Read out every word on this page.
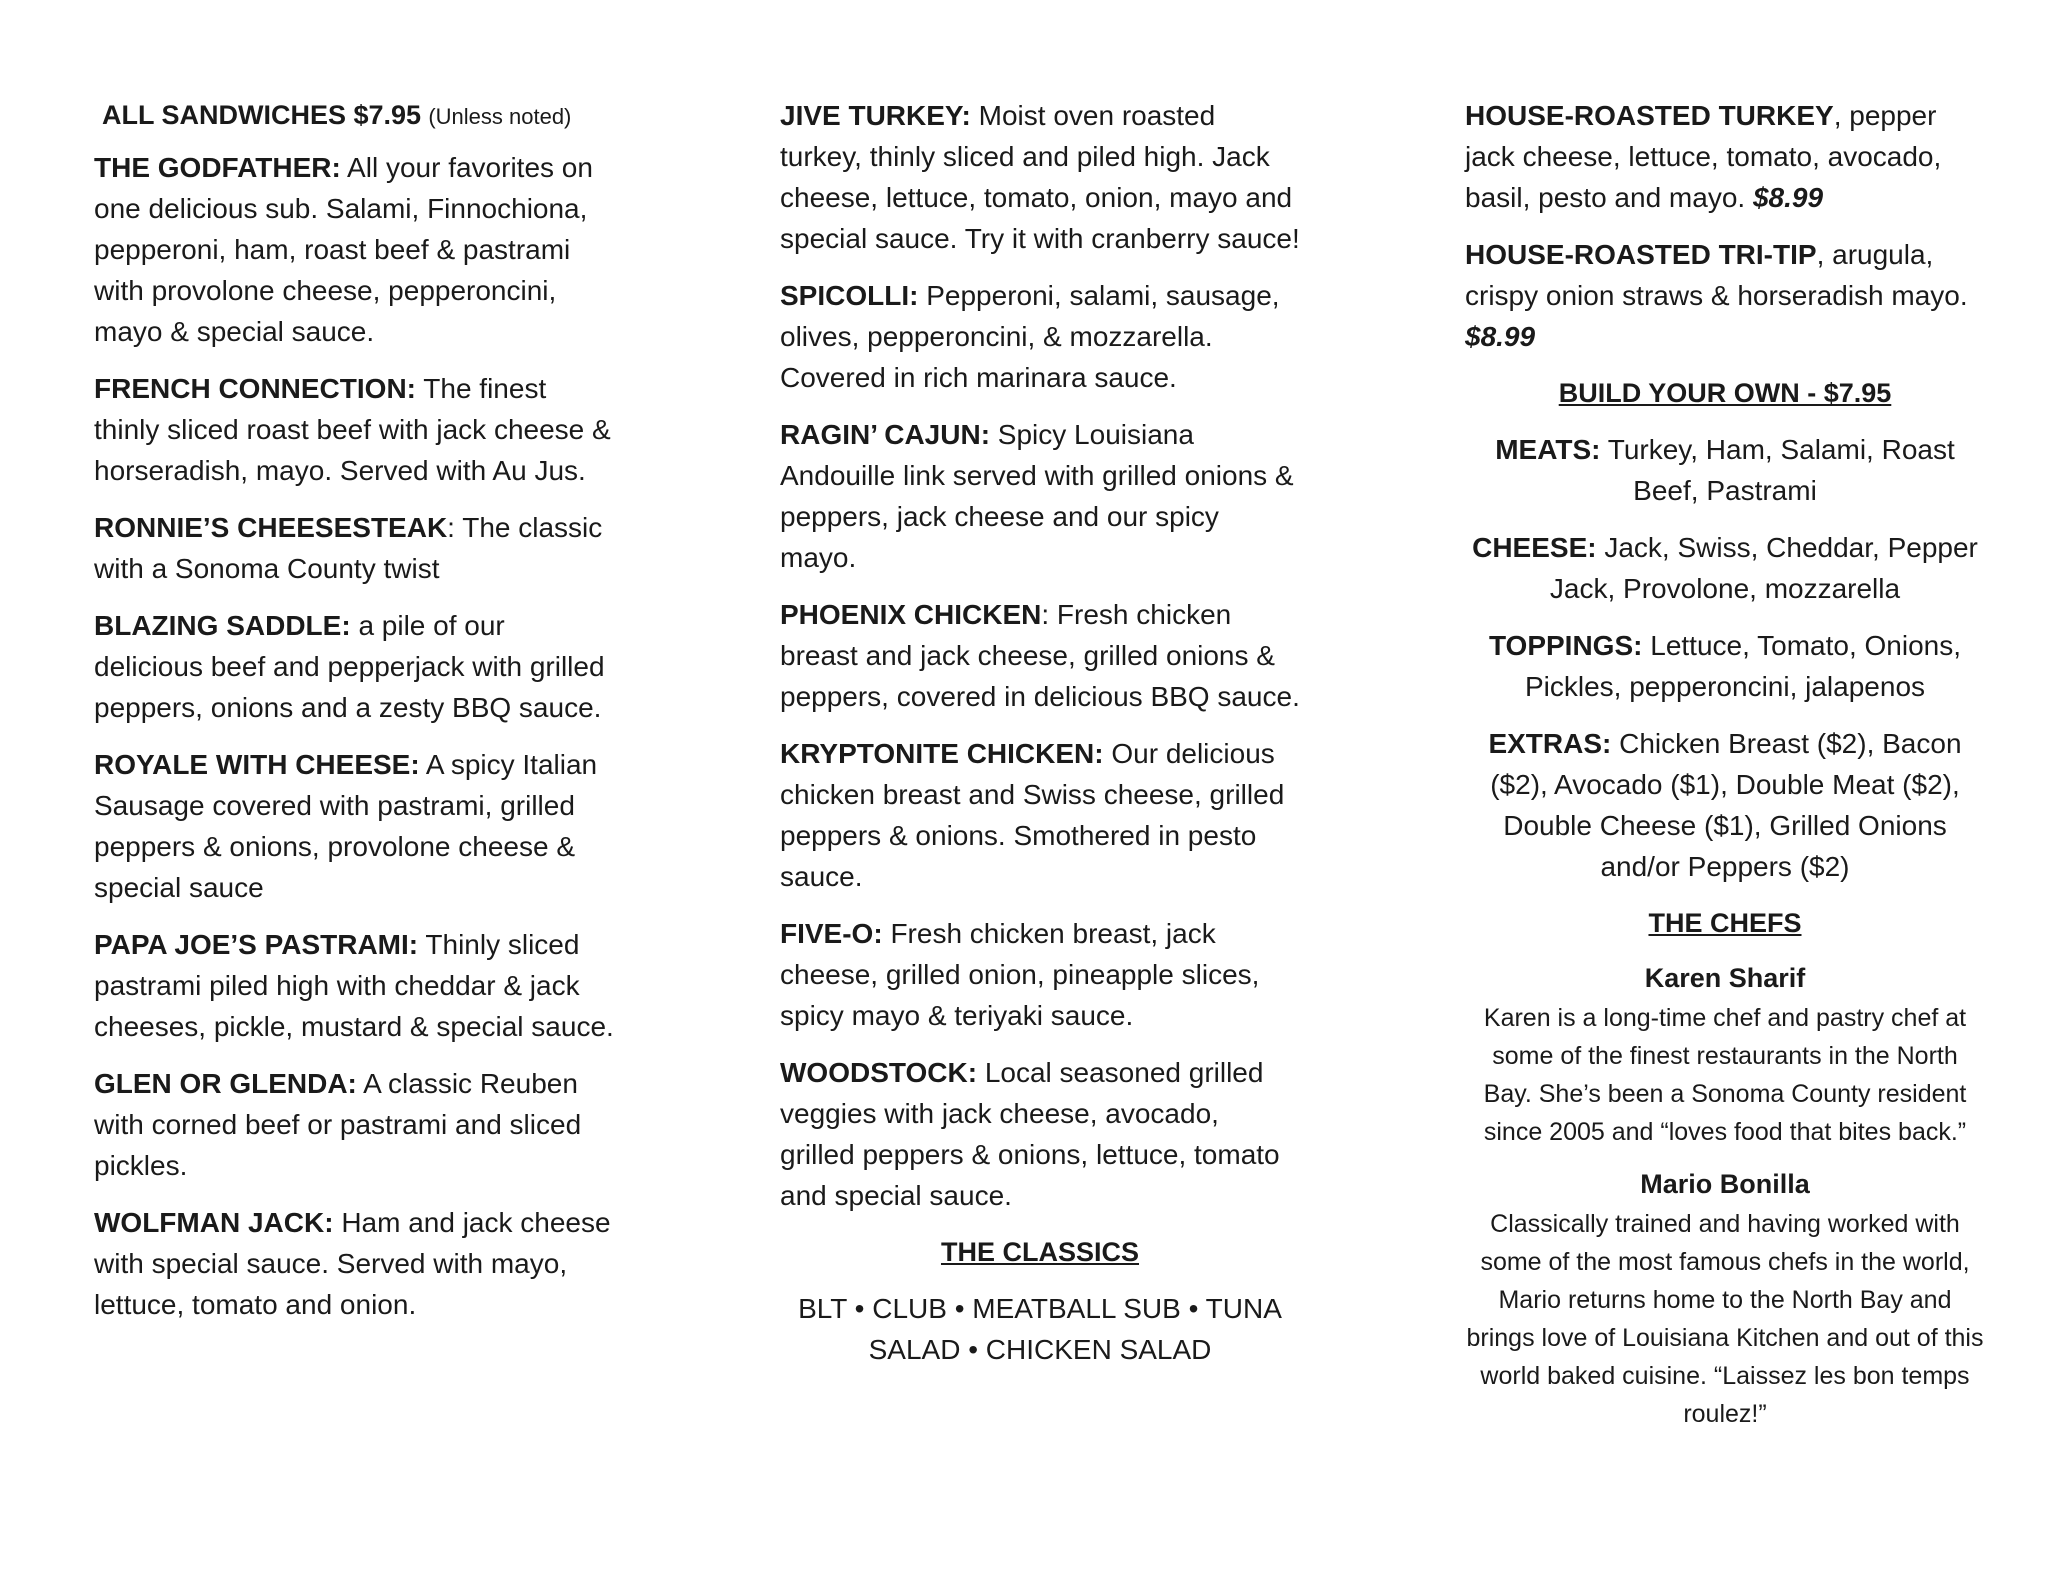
ALL SANDWICHES $7.95 (Unless noted)
THE GODFATHER: All your favorites on one delicious sub. Salami, Finnochiona, pepperoni, ham, roast beef & pastrami with provolone cheese, pepperoncini, mayo & special sauce.
FRENCH CONNECTION: The finest thinly sliced roast beef with jack cheese & horseradish, mayo. Served with Au Jus.
RONNIE’S CHEESESTEAK: The classic with a Sonoma County twist
BLAZING SADDLE: a pile of our delicious beef and pepperjack with grilled peppers, onions and a zesty BBQ sauce.
ROYALE WITH CHEESE: A spicy Italian Sausage covered with pastrami, grilled peppers & onions, provolone cheese & special sauce
PAPA JOE’S PASTRAMI: Thinly sliced pastrami piled high with cheddar & jack cheeses, pickle, mustard & special sauce.
GLEN OR GLENDA: A classic Reuben with corned beef or pastrami and sliced pickles.
WOLFMAN JACK: Ham and jack cheese with special sauce. Served with mayo, lettuce, tomato and onion.
JIVE TURKEY: Moist oven roasted turkey, thinly sliced and piled high. Jack cheese, lettuce, tomato, onion, mayo and special sauce. Try it with cranberry sauce!
SPICOLLI: Pepperoni, salami, sausage, olives, pepperoncini, & mozzarella. Covered in rich marinara sauce.
RAGIN’ CAJUN: Spicy Louisiana Andouille link served with grilled onions & peppers, jack cheese and our spicy mayo.
PHOENIX CHICKEN: Fresh chicken breast and jack cheese, grilled onions & peppers, covered in delicious BBQ sauce.
KRYPTONITE CHICKEN: Our delicious chicken breast and Swiss cheese, grilled peppers & onions. Smothered in pesto sauce.
FIVE-O: Fresh chicken breast, jack cheese, grilled onion, pineapple slices, spicy mayo & teriyaki sauce.
WOODSTOCK: Local seasoned grilled veggies with jack cheese, avocado, grilled peppers & onions, lettuce, tomato and special sauce.
THE CLASSICS
BLT • CLUB • MEATBALL SUB • TUNA SALAD • CHICKEN SALAD
HOUSE-ROASTED TURKEY, pepper jack cheese, lettuce, tomato, avocado, basil, pesto and mayo. $8.99
HOUSE-ROASTED TRI-TIP, arugula, crispy onion straws & horseradish mayo. $8.99
BUILD YOUR OWN - $7.95
MEATS: Turkey, Ham, Salami, Roast Beef, Pastrami
CHEESE: Jack, Swiss, Cheddar, Pepper Jack, Provolone, mozzarella
TOPPINGS: Lettuce, Tomato, Onions, Pickles, pepperoncini, jalapenos
EXTRAS: Chicken Breast ($2), Bacon ($2), Avocado ($1), Double Meat ($2), Double Cheese ($1), Grilled Onions and/or Peppers ($2)
THE CHEFS
Karen Sharif
Karen is a long-time chef and pastry chef at some of the finest restaurants in the North Bay. She’s been a Sonoma County resident since 2005 and “loves food that bites back.”
Mario Bonilla
Classically trained and having worked with some of the most famous chefs in the world, Mario returns home to the North Bay and brings love of Louisiana Kitchen and out of this world baked cuisine. “Laissez les bon temps roulez!”
